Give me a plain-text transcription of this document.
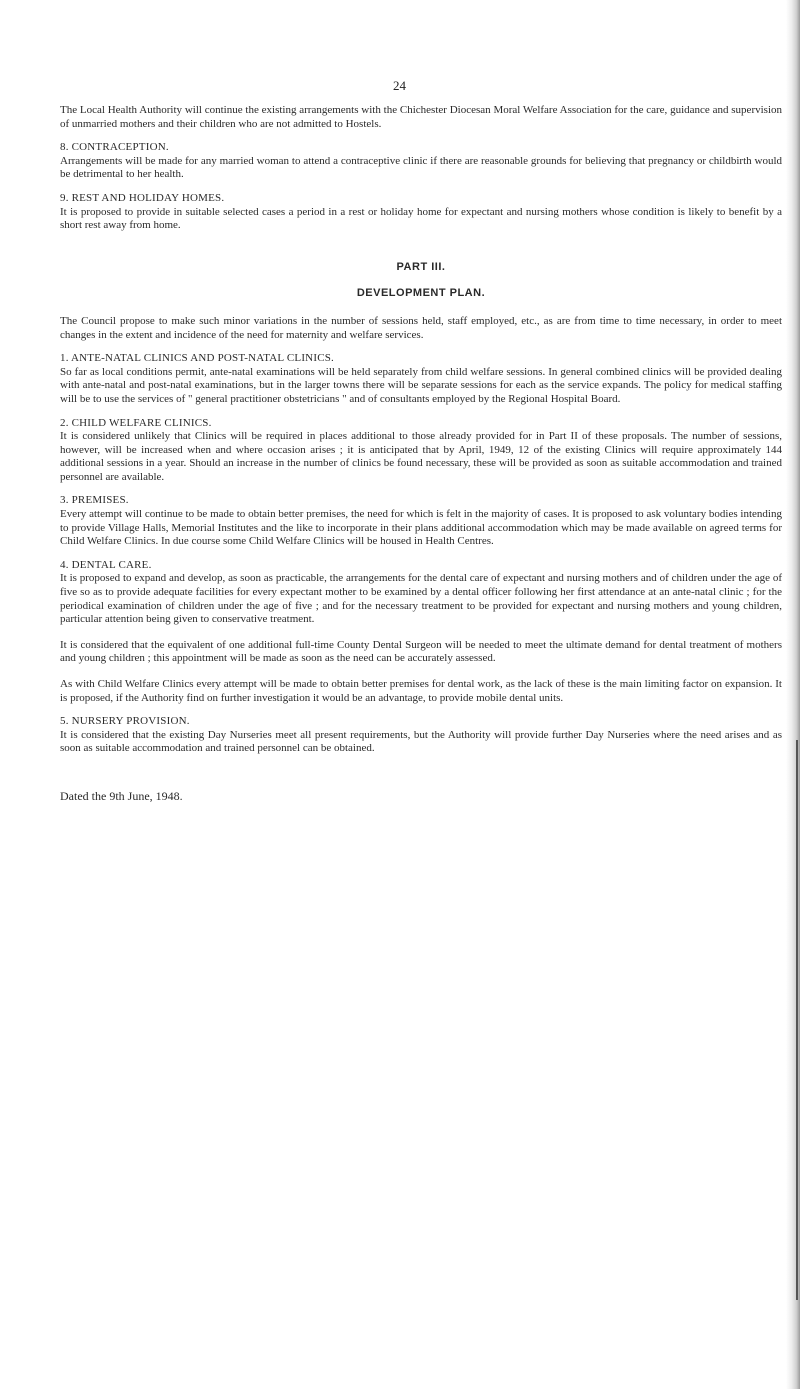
24

The Local Health Authority will continue the existing arrangements with the Chichester Diocesan Moral Welfare Association for the care, guidance and supervision of unmarried mothers and their children who are not admitted to Hostels.

8. CONTRACEPTION.

Arrangements will be made for any married woman to attend a contraceptive clinic if there are reasonable grounds for believing that pregnancy or childbirth would be detrimental to her health.

9. REST AND HOLIDAY HOMES.

It is proposed to provide in suitable selected cases a period in a rest or holiday home for expectant and nursing mothers whose condition is likely to benefit by a short rest away from home.

PART III.
DEVELOPMENT PLAN.

The Council propose to make such minor variations in the number of sessions held, staff employed, etc., as are from time to time necessary, in order to meet changes in the extent and incidence of the need for maternity and welfare services.

1. ANTE-NATAL CLINICS AND POST-NATAL CLINICS.

So far as local conditions permit, ante-natal examinations will be held separately from child welfare sessions. In general combined clinics will be provided dealing with ante-natal and post-natal examinations, but in the larger towns there will be separate sessions for each as the service expands. The policy for medical staffing will be to use the services of " general practitioner obstetricians " and of consultants employed by the Regional Hospital Board.

2. CHILD WELFARE CLINICS.

It is considered unlikely that Clinics will be required in places additional to those already provided for in Part II of these proposals. The number of sessions, however, will be increased when and where occasion arises ; it is anticipated that by April, 1949, 12 of the existing Clinics will require approximately 144 additional sessions in a year. Should an increase in the number of clinics be found necessary, these will be provided as soon as suitable accommodation and trained personnel are available.

3. PREMISES.

Every attempt will continue to be made to obtain better premises, the need for which is felt in the majority of cases. It is proposed to ask voluntary bodies intending to provide Village Halls, Memorial Institutes and the like to incorporate in their plans additional accommodation which may be made available on agreed terms for Child Welfare Clinics. In due course some Child Welfare Clinics will be housed in Health Centres.

4. DENTAL CARE.

It is proposed to expand and develop, as soon as practicable, the arrangements for the dental care of expectant and nursing mothers and of children under the age of five so as to provide adequate facilities for every expectant mother to be examined by a dental officer following her first attendance at an ante-natal clinic ; for the periodical examination of children under the age of five ; and for the necessary treatment to be provided for expectant and nursing mothers and young children, particular attention being given to conservative treatment.

It is considered that the equivalent of one additional full-time County Dental Surgeon will be needed to meet the ultimate demand for dental treatment of mothers and young children ; this appointment will be made as soon as the need can be accurately assessed.

As with Child Welfare Clinics every attempt will be made to obtain better premises for dental work, as the lack of these is the main limiting factor on expansion. It is proposed, if the Authority find on further investigation it would be an advantage, to provide mobile dental units.

5. NURSERY PROVISION.

It is considered that the existing Day Nurseries meet all present requirements, but the Authority will provide further Day Nurseries where the need arises and as soon as suitable accommodation and trained personnel can be obtained.

Dated the 9th June, 1948.
